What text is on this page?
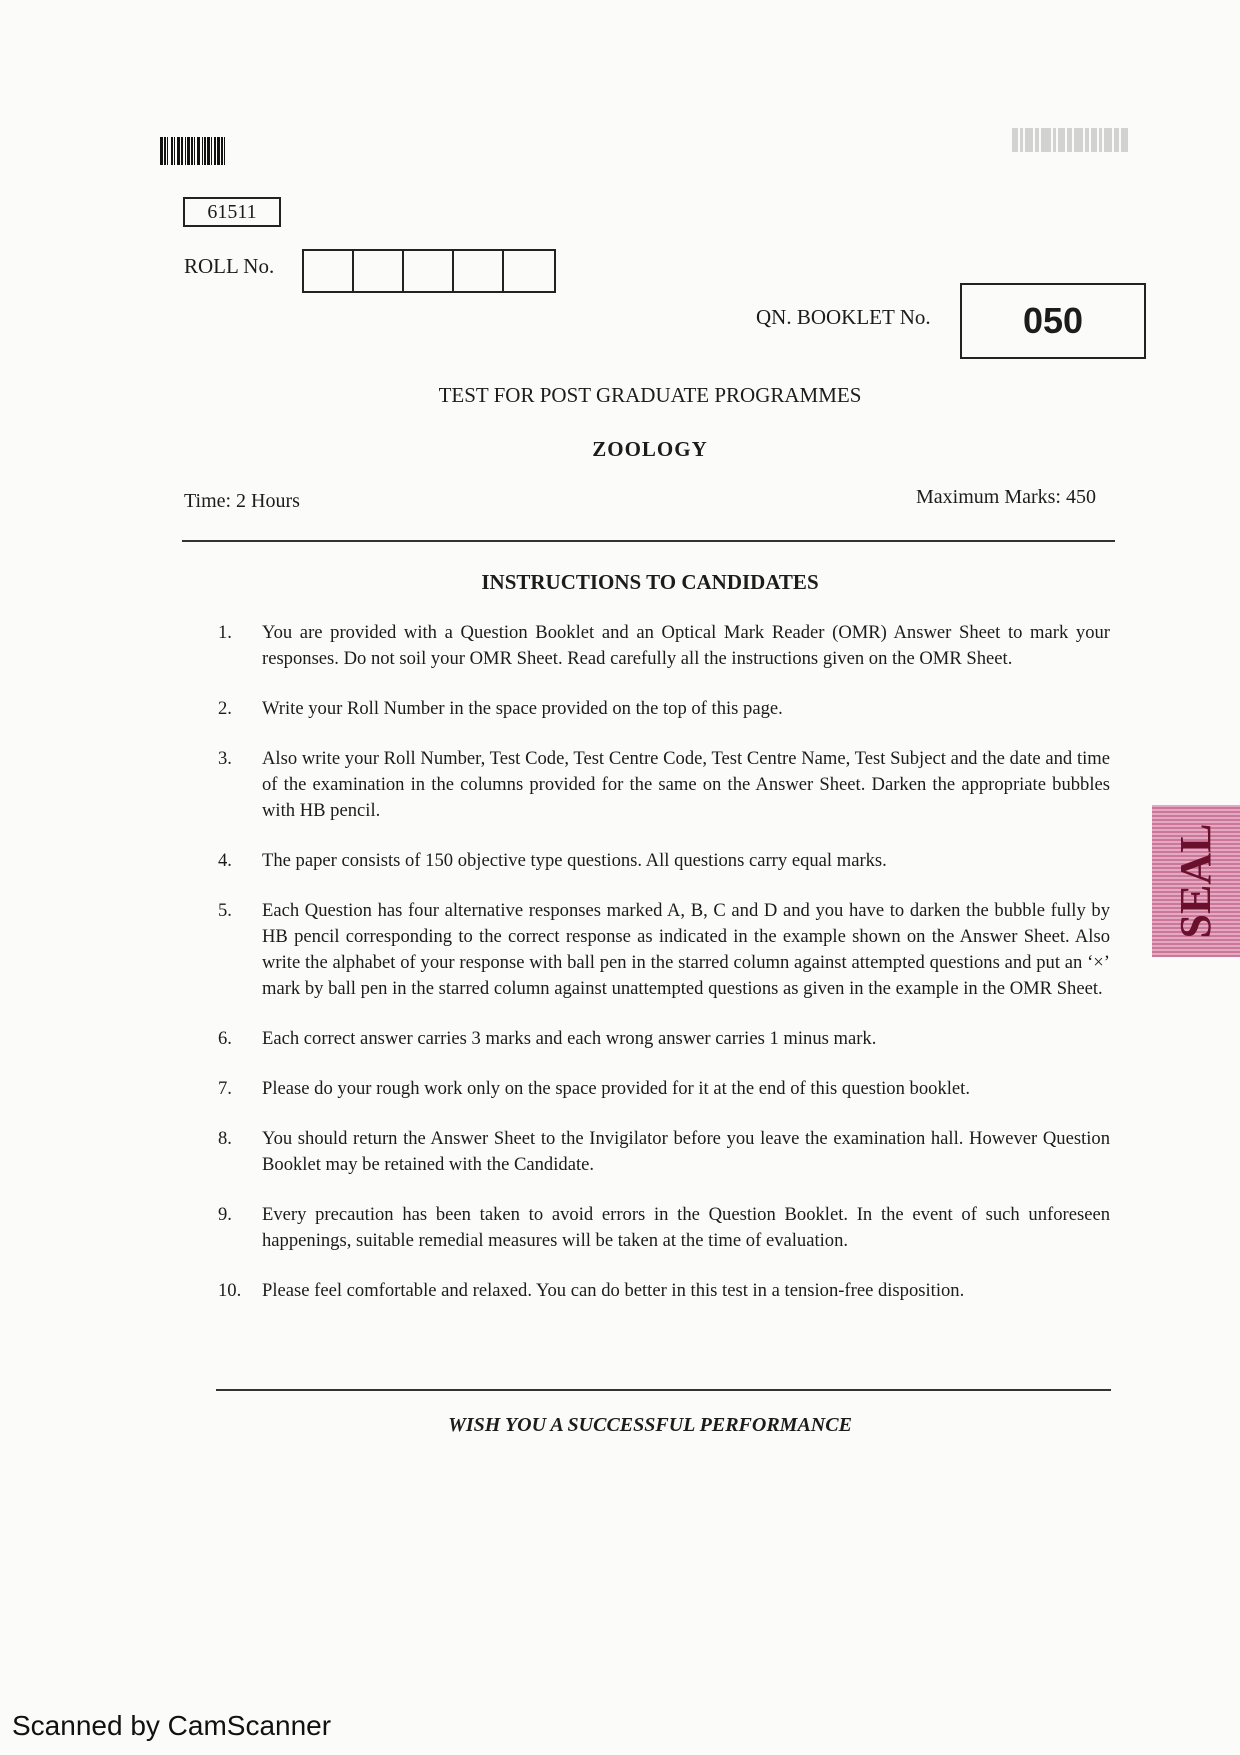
61511
ROLL No.
QN. BOOKLET No.	050
TEST FOR POST GRADUATE PROGRAMMES
ZOOLOGY
Time: 2 Hours	Maximum Marks: 450
INSTRUCTIONS TO CANDIDATES
1.	You are provided with a Question Booklet and an Optical Mark Reader (OMR) Answer Sheet to mark your responses. Do not soil your OMR Sheet. Read carefully all the instructions given on the OMR Sheet.
2.	Write your Roll Number in the space provided on the top of this page.
3.	Also write your Roll Number, Test Code, Test Centre Code, Test Centre Name, Test Subject and the date and time of the examination in the columns provided for the same on the Answer Sheet. Darken the appropriate bubbles with HB pencil.
4.	The paper consists of 150 objective type questions. All questions carry equal marks.
5.	Each Question has four alternative responses marked A, B, C and D and you have to darken the bubble fully by HB pencil corresponding to the correct response as indicated in the example shown on the Answer Sheet. Also write the alphabet of your response with ball pen in the starred column against attempted questions and put an ‘×’ mark by ball pen in the starred column against unattempted questions as given in the example in the OMR Sheet.
6.	Each correct answer carries 3 marks and each wrong answer carries 1 minus mark.
7.	Please do your rough work only on the space provided for it at the end of this question booklet.
8.	You should return the Answer Sheet to the Invigilator before you leave the examination hall. However Question Booklet may be retained with the Candidate.
9.	Every precaution has been taken to avoid errors in the Question Booklet. In the event of such unforeseen happenings, suitable remedial measures will be taken at the time of evaluation.
10.	Please feel comfortable and relaxed. You can do better in this test in a tension-free disposition.
WISH YOU A SUCCESSFUL PERFORMANCE
SEAL
Scanned by CamScanner
